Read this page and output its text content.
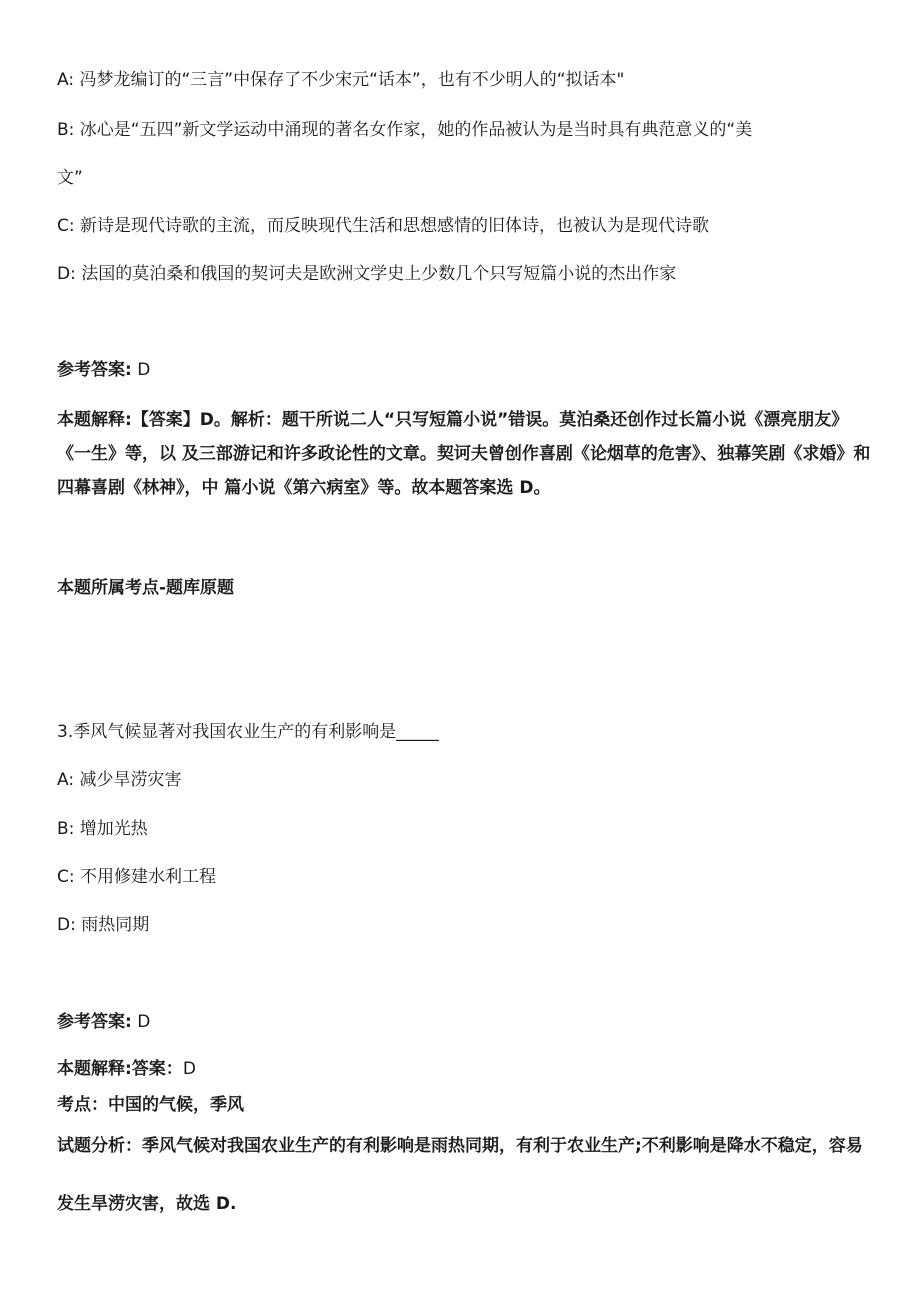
A: 冯梦龙编订的“三言”中保存了不少宋元“话本”，也有不少明人的“拟话本"
B: 冰心是“五四”新文学运动中涌现的著名女作家，她的作品被认为是当时具有典范意义的“美
文”
C: 新诗是现代诗歌的主流，而反映现代生活和思想感情的旧体诗，也被认为是现代诗歌
D: 法国的莫泊桑和俄国的契诃夫是欧洲文学史上少数几个只写短篇小说的杰出作家
参考答案: D
本题解释:【答案】D。解析：题干所说二人“只写短篇小说”错误。莫泊桑还创作过长篇小说《漂亮朋友》《一生》等，以 及三部游记和许多政论性的文章。契诃夫曾创作喜剧《论烟草的危害》、独幕笑剧《求婚》和四幕喜剧《林神》，中 篇小说《第六病室》等。故本题答案选 D。
本题所属考点-题库原题
3.季风气候显著对我国农业生产的有利影响是_____
A: 减少旱涝灾害
B: 增加光热
C: 不用修建水利工程
D: 雨热同期
参考答案: D
本题解释:答案：D
考点：中国的气候，季风
试题分析：季风气候对我国农业生产的有利影响是雨热同期，有利于农业生产;不利影响是降水不稳定，容易发生旱涝灾害，故选 D.
